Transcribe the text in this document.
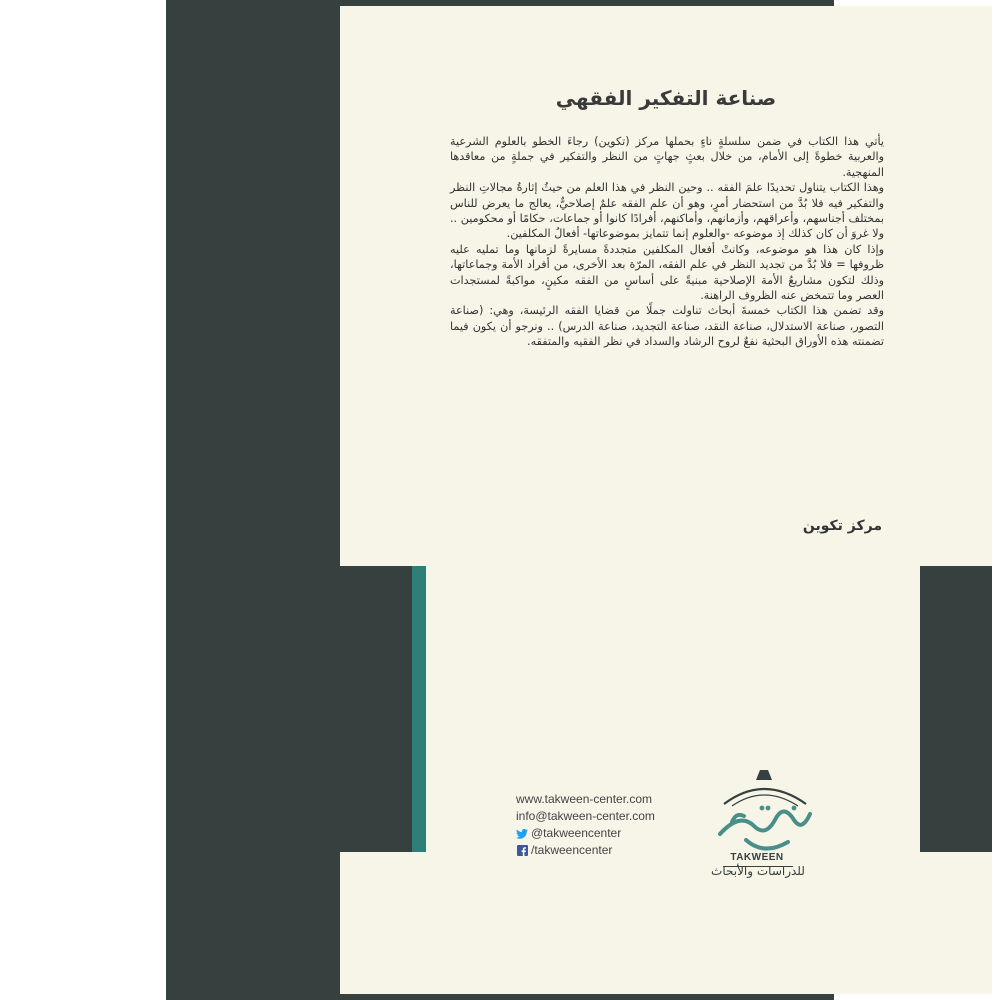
صناعة التفكير الفقهي

يأتي هذا الكتاب في ضمن سلسلةٍ ناءٍ بحملها مركز (تكوين) رجاءَ الخطو بالعلوم الشرعية والعربية خطوةً إلى الأمام، من خلال بعثٍ جهاتٍ من النظر والتفكير في جملةٍ من معاقدها المنهجية.

وهذا الكتاب يتناول تحديدًا علمَ الفقه .. وحين النظر في هذا العلم من حيثُ إثارةُ مجالاتِ النظر والتفكير فيه فلا بُدَّ من استحضار أمرٍ، وهو أن علم الفقه علمٌ إصلاحيٌّ، يعالج ما يعرض للناس بمختلف أجناسهم، وأعراقهم، وأزمانهم، وأماكنهم، أفرادًا كانوا أو جماعات، حكامًا أو محكومين .. ولا غروَ أن كان كذلك إذ موضوعه -والعلوم إنما تتمايز بموضوعاتها- أفعالُ المكلفين.

وإذا كان هذا هو موضوعه، وكانتْ أفعال المكلفين متجددةً مسايرةً لزمانها وما تمليه عليه ظروفها = فلا بُدَّ من تجديد النظر في علم الفقه، المرّة بعد الأخرى، من أفراد الأمة وجماعاتها، وذلك لتكون مشاريعُ الأمة الإصلاحية مبنيةً على أساسٍ من الفقه مكينٍ، مواكبةً لمستجدات العصر وما تتمخض عنه الظروف الراهنة.

وقد تضمن هذا الكتاب خمسةَ أبحاث تناولت جملًا من قضايا الفقه الرئيسة، وهي: (صناعة التصور، صناعة الاستدلال، صناعة النقد، صناعة التجديد، صناعة الدرس) .. ونرجو أن يكون فيما تضمنته هذه الأوراق البحثية نفعٌ لروح الرشاد والسداد في نظر الفقيه والمتفقه.

مركز تكوين
www.takween-center.com
info@takween-center.com
@takweencenter
/takweencenter
TAKWEEN
للدراسات والأبحاث
